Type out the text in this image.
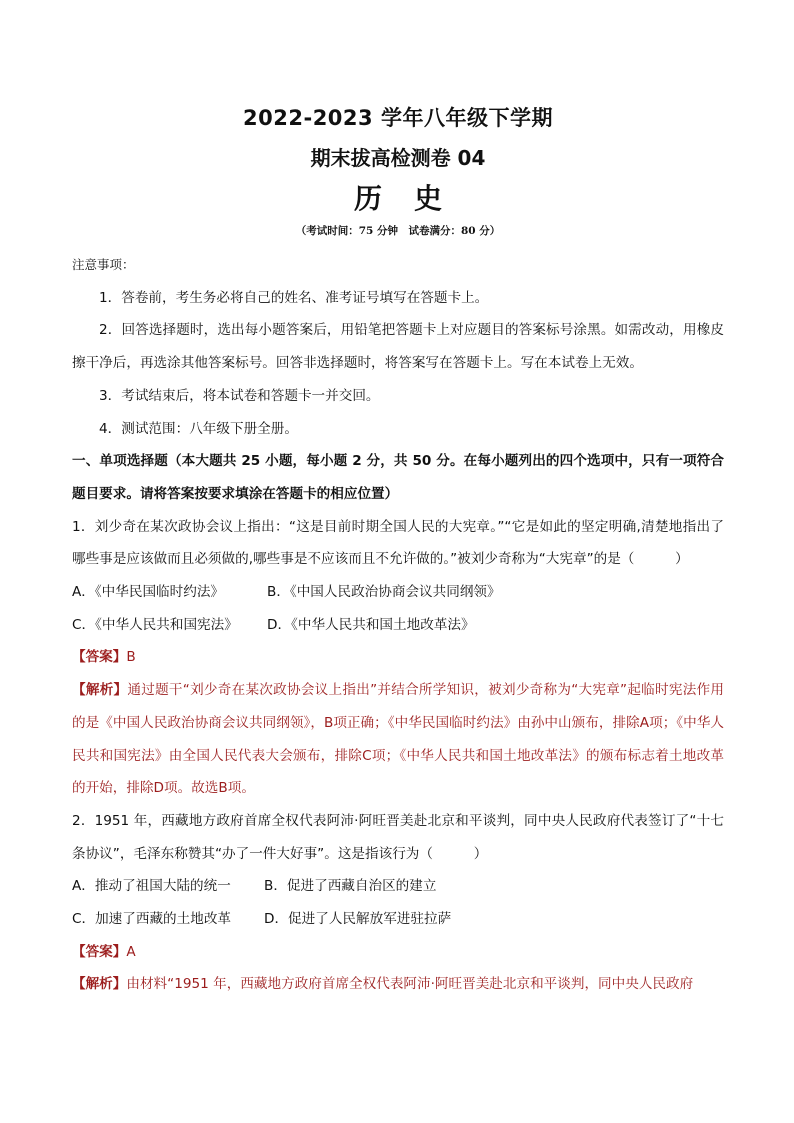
2022-2023 学年八年级下学期
期末拔高检测卷 04
历 史
（考试时间：75 分钟　试卷满分：80 分）

注意事项：

1．答卷前，考生务必将自己的姓名、准考证号填写在答题卡上。

2．回答选择题时，选出每小题答案后，用铅笔把答题卡上对应题目的答案标号涂黑。如需改动，用橡皮擦干净后，再选涂其他答案标号。回答非选择题时，将答案写在答题卡上。写在本试卷上无效。

3．考试结束后，将本试卷和答题卡一并交回。

4．测试范围：八年级下册全册。

一、单项选择题（本大题共 25 小题，每小题 2 分，共 50 分。在每小题列出的四个选项中，只有一项符合题目要求。请将答案按要求填涂在答题卡的相应位置）

1．刘少奇在某次政协会议上指出：“这是目前时期全国人民的大宪章。”“它是如此的坚定明确,清楚地指出了哪些事是应该做而且必须做的,哪些事是不应该而且不允许做的。”被刘少奇称为“大宪章”的是（　　　）

A．《中华民国临时约法》	B．《中国人民政治协商会议共同纲领》
C．《中华人民共和国宪法》	D．《中华人民共和国土地改革法》

【答案】B

【解析】通过题干“刘少奇在某次政协会议上指出”并结合所学知识，被刘少奇称为“大宪章”起临时宪法作用的是《中国人民政治协商会议共同纲领》，B项正确；《中华民国临时约法》由孙中山颁布，排除A项；《中华人民共和国宪法》由全国人民代表大会颁布，排除C项；《中华人民共和国土地改革法》的颁布标志着土地改革的开始，排除D项。故选B项。

2．1951 年，西藏地方政府首席全权代表阿沛·阿旺晋美赴北京和平谈判，同中央人民政府代表签订了“十七条协议”，毛泽东称赞其“办了一件大好事”。这是指该行为（　　　）

A．推动了祖国大陆的统一	B．促进了西藏自治区的建立
C．加速了西藏的土地改革	D．促进了人民解放军进驻拉萨

【答案】A

【解析】由材料“1951 年，西藏地方政府首席全权代表阿沛·阿旺晋美赴北京和平谈判，同中央人民政府
